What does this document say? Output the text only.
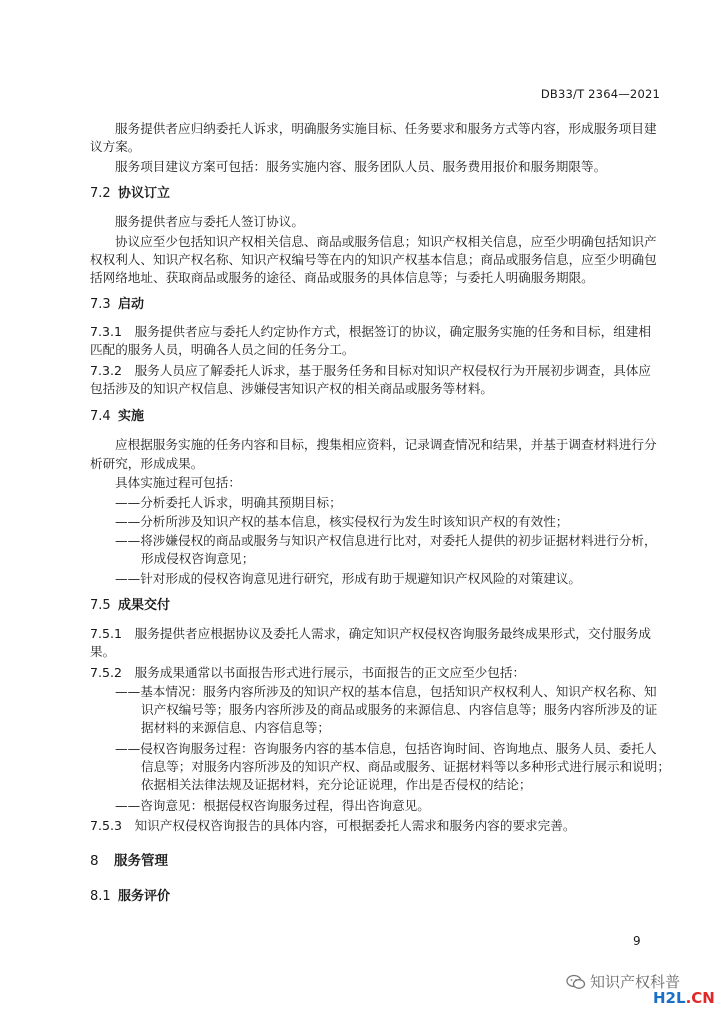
DB33/T 2364—2021
服务提供者应归纳委托人诉求，明确服务实施目标、任务要求和服务方式等内容，形成服务项目建
议方案。
服务项目建议方案可包括：服务实施内容、服务团队人员、服务费用报价和服务期限等。
7.2 协议订立
服务提供者应与委托人签订协议。
协议应至少包括知识产权相关信息、商品或服务信息；知识产权相关信息，应至少明确包括知识产
权权利人、知识产权名称、知识产权编号等在内的知识产权基本信息；商品或服务信息，应至少明确包
括网络地址、获取商品或服务的途径、商品或服务的具体信息等；与委托人明确服务期限。
7.3 启动
7.3.1　服务提供者应与委托人约定协作方式，根据签订的协议，确定服务实施的任务和目标，组建相
匹配的服务人员，明确各人员之间的任务分工。
7.3.2　服务人员应了解委托人诉求，基于服务任务和目标对知识产权侵权行为开展初步调查，具体应
包括涉及的知识产权信息、涉嫌侵害知识产权的相关商品或服务等材料。
7.4 实施
应根据服务实施的任务内容和目标，搜集相应资料，记录调查情况和结果，并基于调查材料进行分
析研究，形成成果。
具体实施过程可包括：
——分析委托人诉求，明确其预期目标；
——分析所涉及知识产权的基本信息，核实侵权行为发生时该知识产权的有效性；
——将涉嫌侵权的商品或服务与知识产权信息进行比对，对委托人提供的初步证据材料进行分析，
形成侵权咨询意见；
——针对形成的侵权咨询意见进行研究，形成有助于规避知识产权风险的对策建议。
7.5 成果交付
7.5.1　服务提供者应根据协议及委托人需求，确定知识产权侵权咨询服务最终成果形式，交付服务成
果。
7.5.2　服务成果通常以书面报告形式进行展示，书面报告的正文应至少包括：
——基本情况：服务内容所涉及的知识产权的基本信息，包括知识产权权利人、知识产权名称、知
识产权编号等；服务内容所涉及的商品或服务的来源信息、内容信息等；服务内容所涉及的证
据材料的来源信息、内容信息等；
——侵权咨询服务过程：咨询服务内容的基本信息，包括咨询时间、咨询地点、服务人员、委托人
信息等；对服务内容所涉及的知识产权、商品或服务、证据材料等以多种形式进行展示和说明；
依据相关法律法规及证据材料，充分论证说理，作出是否侵权的结论；
——咨询意见：根据侵权咨询服务过程，得出咨询意见。
7.5.3　知识产权侵权咨询报告的具体内容，可根据委托人需求和服务内容的要求完善。
8 服务管理
8.1 服务评价
9
知识产权科普
H2L.CN
